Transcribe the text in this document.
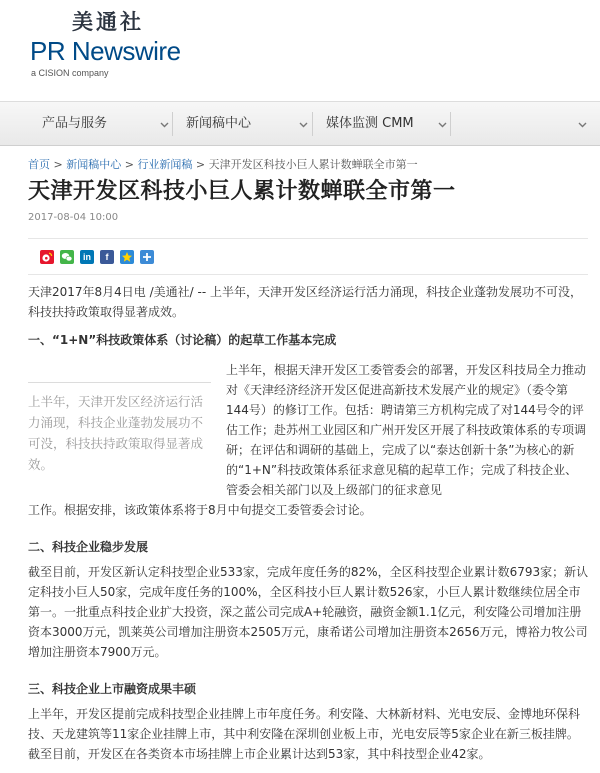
美通社
PR Newswire
a CISION company
产品与服务	新闻稿中心	媒体监测 CMM
首页 > 新闻稿中心 > 行业新闻稿 > 天津开发区科技小巨人累计数蝉联全市第一
天津开发区科技小巨人累计数蝉联全市第一
2017-08-04 10:00
in	f

天津2017年8月4日电 /美通社/ -- 上半年，天津开发区经济运行活力涌现，科技企业蓬勃发展功不可没，科技扶持政策取得显著成效。

一、“1+N”科技政策体系（讨论稿）的起草工作基本完成
上半年，天津开发区经济运行活力涌现，科技企业蓬勃发展功不可没，科技扶持政策取得显著成效。

上半年，根据天津开发区工委管委会的部署，开发区科技局全力推动对《天津经济经济开发区促进高新技术发展产业的规定》（委令第144号）的修订工作。包括：聘请第三方机构完成了对144号令的评估工作；赴苏州工业园区和广州开发区开展了科技政策体系的专项调研；在评估和调研的基础上，完成了以“泰达创新十条”为核心的新的“1+N”科技政策体系征求意见稿的起草工作；完成了科技企业、管委会相关部门以及上级部门的征求意见

工作。根据安排，该政策体系将于8月中旬提交工委管委会讨论。

二、科技企业稳步发展

截至目前，开发区新认定科技型企业533家，完成年度任务的82%，全区科技型企业累计数6793家；新认定科技小巨人50家，完成年度任务的100%，全区科技小巨人累计数526家，小巨人累计数继续位居全市第一。一批重点科技企业扩大投资，深之蓝公司完成A+轮融资，融资金额1.1亿元，利安隆公司增加注册资本3000万元，凯莱英公司增加注册资本2505万元，康希诺公司增加注册资本2656万元，博裕力牧公司增加注册资本7900万元。

三、科技企业上市融资成果丰硕

上半年，开发区提前完成科技型企业挂牌上市年度任务。利安隆、大林新材料、光电安辰、金博地环保科技、天龙建筑等11家企业挂牌上市，其中利安隆在深圳创业板上市，光电安辰等5家企业在新三板挂牌。截至目前，开发区在各类资本市场挂牌上市企业累计达到53家，其中科技型企业42家。
